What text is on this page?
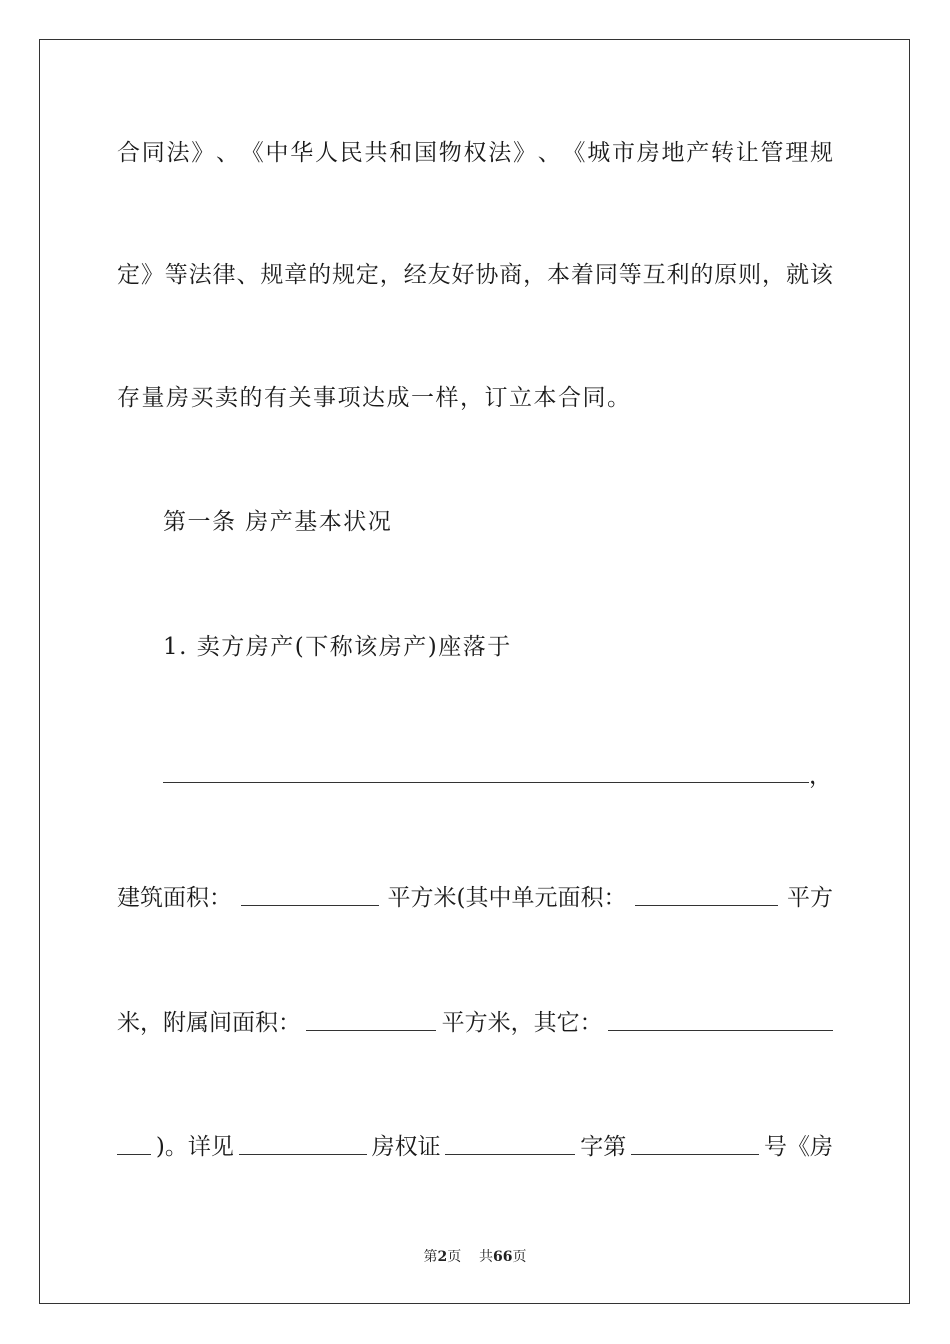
合 同 法 》 、 《 中 华 人 民 共 和 国 物 权 法 》 、 《 城 市 房 地 产 转 让 管 理 规
定 》 等 法 律 、 规 章 的 规 定 ， 经 友 好 协 商 ， 本 着 同 等 互 利 的 原 则 ， 就 该
存量房买卖的有关事项达成一样，订立本合同。
第一条 房产基本状况
1. 卖方房产(下称该房产)座落于
，
建筑面积：	平方米(其中单元面积：	平方
米，附属间面积：	平方米，其它：
)。详见	房权证	字第	号《房
第2页 共66页
